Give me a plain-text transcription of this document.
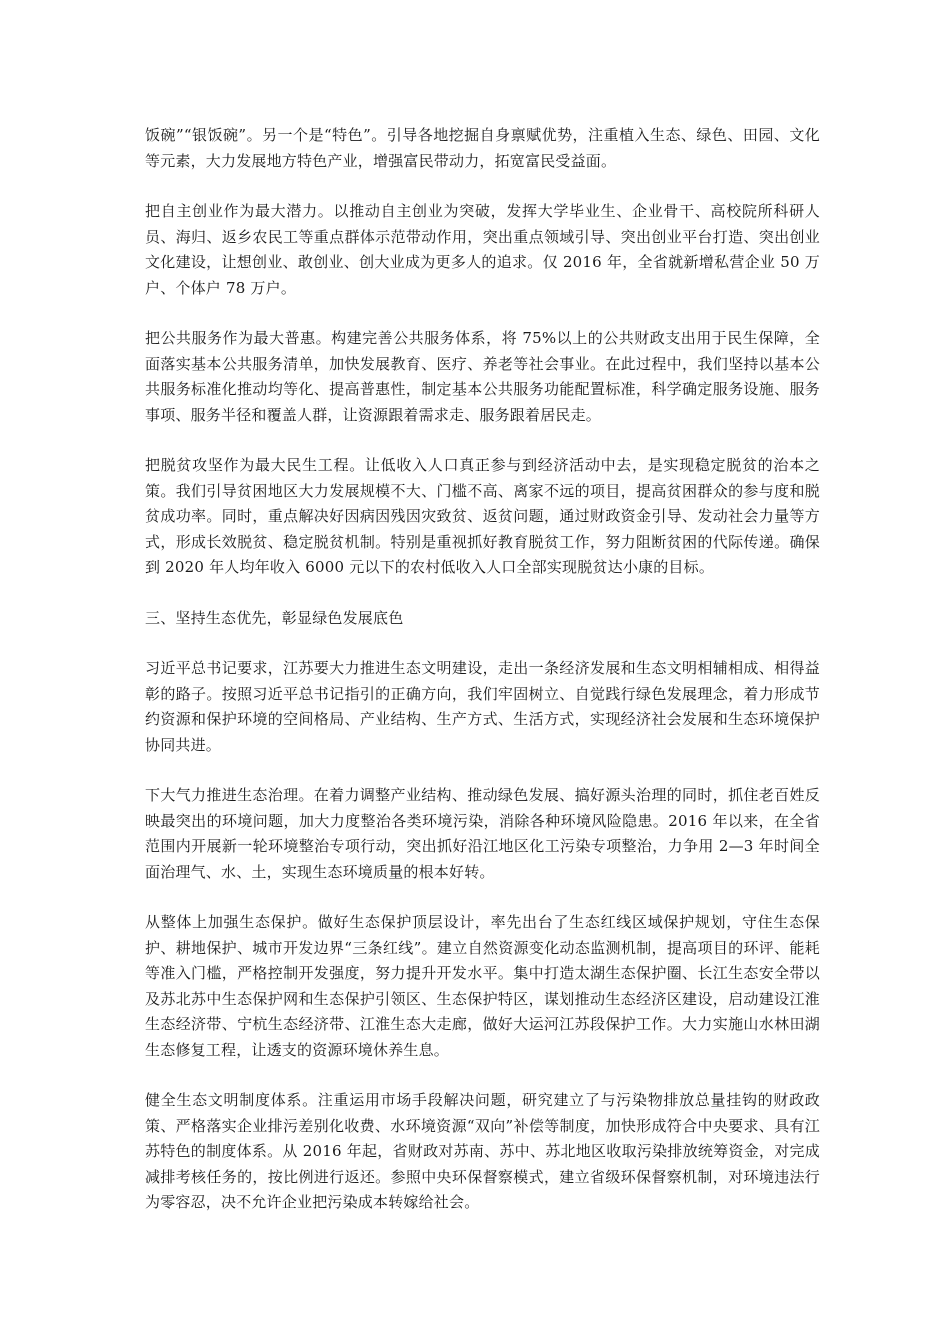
饭碗”“银饭碗”。另一个是“特色”。引导各地挖掘自身禀赋优势，注重植入生态、绿色、田园、文化等元素，大力发展地方特色产业，增强富民带动力，拓宽富民受益面。

把自主创业作为最大潜力。以推动自主创业为突破，发挥大学毕业生、企业骨干、高校院所科研人员、海归、返乡农民工等重点群体示范带动作用，突出重点领域引导、突出创业平台打造、突出创业文化建设，让想创业、敢创业、创大业成为更多人的追求。仅 2016 年，全省就新增私营企业 50 万户、个体户 78 万户。

把公共服务作为最大普惠。构建完善公共服务体系，将 75%以上的公共财政支出用于民生保障，全面落实基本公共服务清单，加快发展教育、医疗、养老等社会事业。在此过程中，我们坚持以基本公共服务标准化推动均等化、提高普惠性，制定基本公共服务功能配置标准，科学确定服务设施、服务事项、服务半径和覆盖人群，让资源跟着需求走、服务跟着居民走。

把脱贫攻坚作为最大民生工程。让低收入人口真正参与到经济活动中去，是实现稳定脱贫的治本之策。我们引导贫困地区大力发展规模不大、门槛不高、离家不远的项目，提高贫困群众的参与度和脱贫成功率。同时，重点解决好因病因残因灾致贫、返贫问题，通过财政资金引导、发动社会力量等方式，形成长效脱贫、稳定脱贫机制。特别是重视抓好教育脱贫工作，努力阻断贫困的代际传递。确保到 2020 年人均年收入 6000 元以下的农村低收入人口全部实现脱贫达小康的目标。

三、坚持生态优先，彰显绿色发展底色

习近平总书记要求，江苏要大力推进生态文明建设，走出一条经济发展和生态文明相辅相成、相得益彰的路子。按照习近平总书记指引的正确方向，我们牢固树立、自觉践行绿色发展理念，着力形成节约资源和保护环境的空间格局、产业结构、生产方式、生活方式，实现经济社会发展和生态环境保护协同共进。

下大气力推进生态治理。在着力调整产业结构、推动绿色发展、搞好源头治理的同时，抓住老百姓反映最突出的环境问题，加大力度整治各类环境污染，消除各种环境风险隐患。2016 年以来，在全省范围内开展新一轮环境整治专项行动，突出抓好沿江地区化工污染专项整治，力争用 2—3 年时间全面治理气、水、土，实现生态环境质量的根本好转。

从整体上加强生态保护。做好生态保护顶层设计，率先出台了生态红线区域保护规划，守住生态保护、耕地保护、城市开发边界“三条红线”。建立自然资源变化动态监测机制，提高项目的环评、能耗等准入门槛，严格控制开发强度，努力提升开发水平。集中打造太湖生态保护圈、长江生态安全带以及苏北苏中生态保护网和生态保护引领区、生态保护特区，谋划推动生态经济区建设，启动建设江淮生态经济带、宁杭生态经济带、江淮生态大走廊，做好大运河江苏段保护工作。大力实施山水林田湖生态修复工程，让透支的资源环境休养生息。

健全生态文明制度体系。注重运用市场手段解决问题，研究建立了与污染物排放总量挂钩的财政政策、严格落实企业排污差别化收费、水环境资源“双向”补偿等制度，加快形成符合中央要求、具有江苏特色的制度体系。从 2016 年起，省财政对苏南、苏中、苏北地区收取污染排放统筹资金，对完成减排考核任务的，按比例进行返还。参照中央环保督察模式，建立省级环保督察机制，对环境违法行为零容忍，决不允许企业把污染成本转嫁给社会。
